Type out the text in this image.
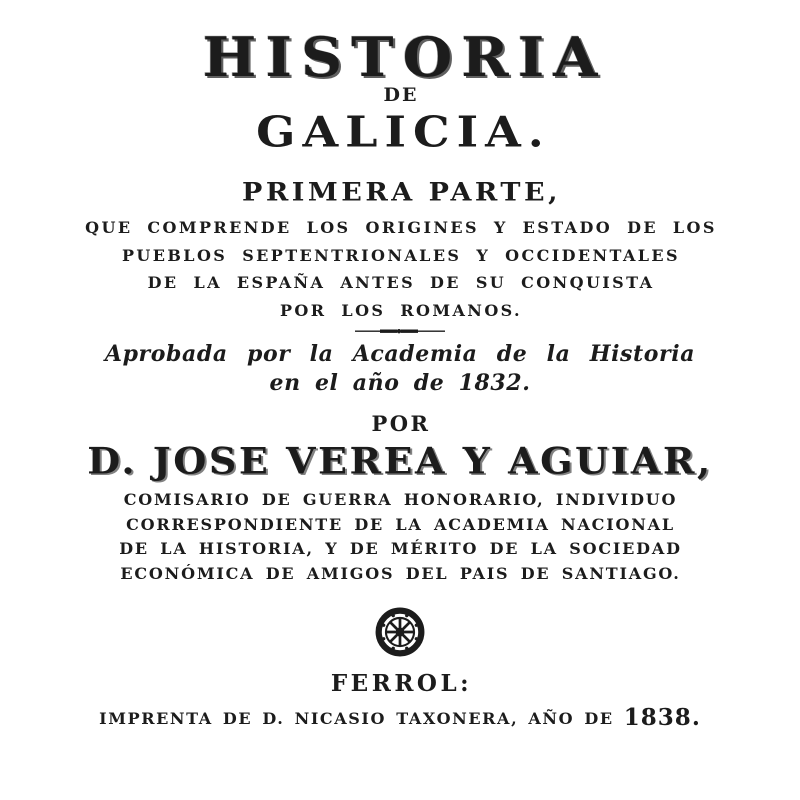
HISTORIA
DE
GALICIA.
PRIMERA PARTE,
QUE COMPRENDE LOS ORIGINES Y ESTADO DE LOS
PUEBLOS SEPTENTRIONALES Y OCCIDENTALES
DE LA ESPAÑA ANTES DE SU CONQUISTA
POR LOS ROMANOS.
Aprobada por la Academia de la Historia
en el año de 1832.
POR
D. JOSE VEREA Y AGUIAR,
COMISARIO DE GUERRA HONORARIO, INDIVIDUO
CORRESPONDIENTE DE LA ACADEMIA NACIONAL
DE LA HISTORIA, Y DE MÉRITO DE LA SOCIEDAD
ECONÓMICA DE AMIGOS DEL PAIS DE SANTIAGO.
FERROL:
IMPRENTA DE D. NICASIO TAXONERA, AÑO DE 1838.
